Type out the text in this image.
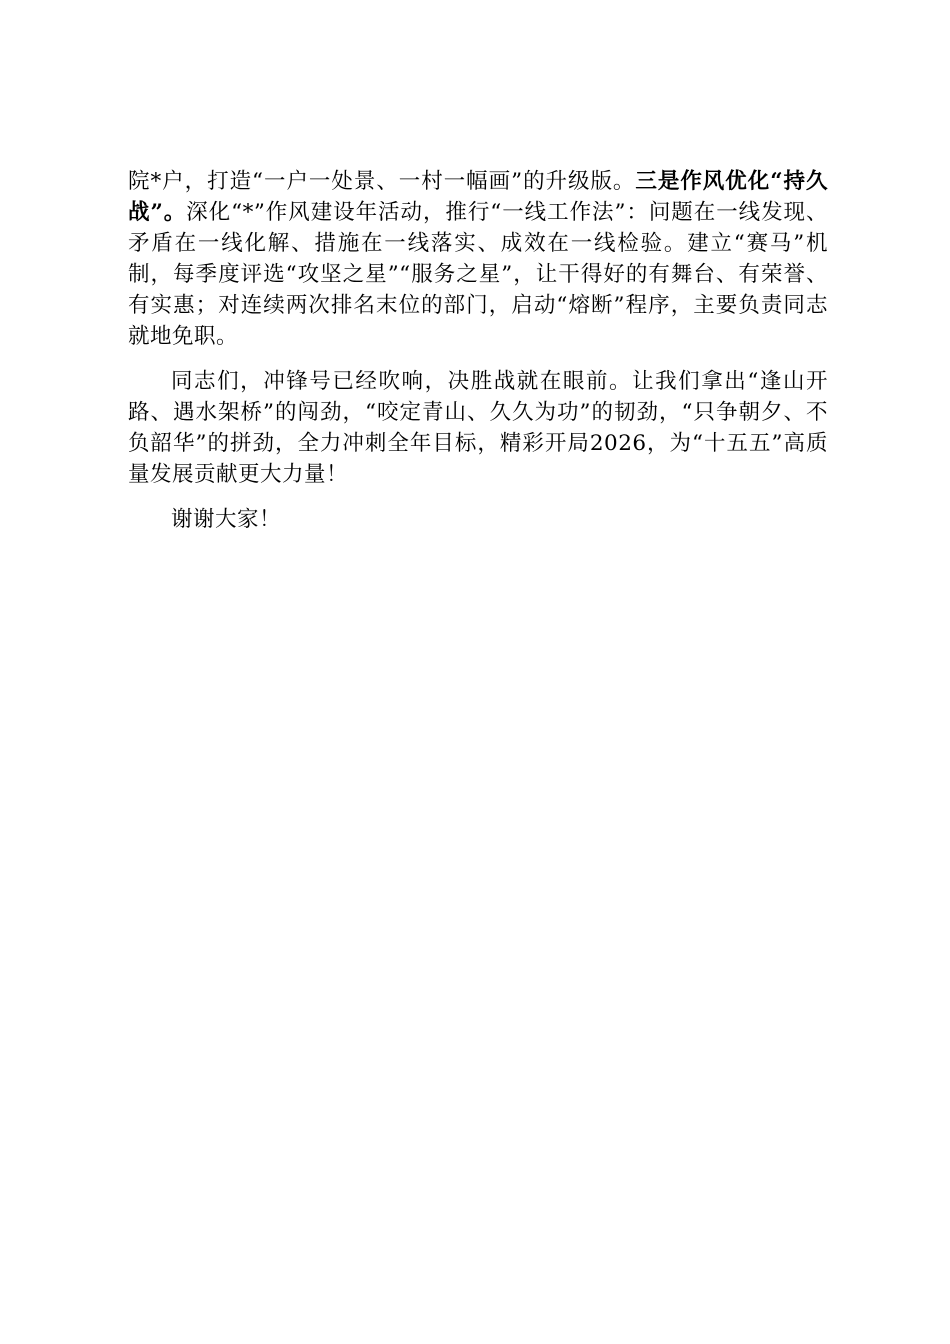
院*户，打造“一户一处景、一村一幅画”的升级版。三是作风优化“持久战”。深化“*”作风建设年活动，推行“一线工作法”：问题在一线发现、矛盾在一线化解、措施在一线落实、成效在一线检验。建立“赛马”机制，每季度评选“攻坚之星”“服务之星”，让干得好的有舞台、有荣誉、有实惠；对连续两次排名末位的部门，启动“熔断”程序，主要负责同志就地免职。

同志们，冲锋号已经吹响，决胜战就在眼前。让我们拿出“逢山开路、遇水架桥”的闯劲，“咬定青山、久久为功”的韧劲，“只争朝夕、不负韶华”的拼劲，全力冲刺全年目标，精彩开局2026，为“十五五”高质量发展贡献更大力量！

谢谢大家！
